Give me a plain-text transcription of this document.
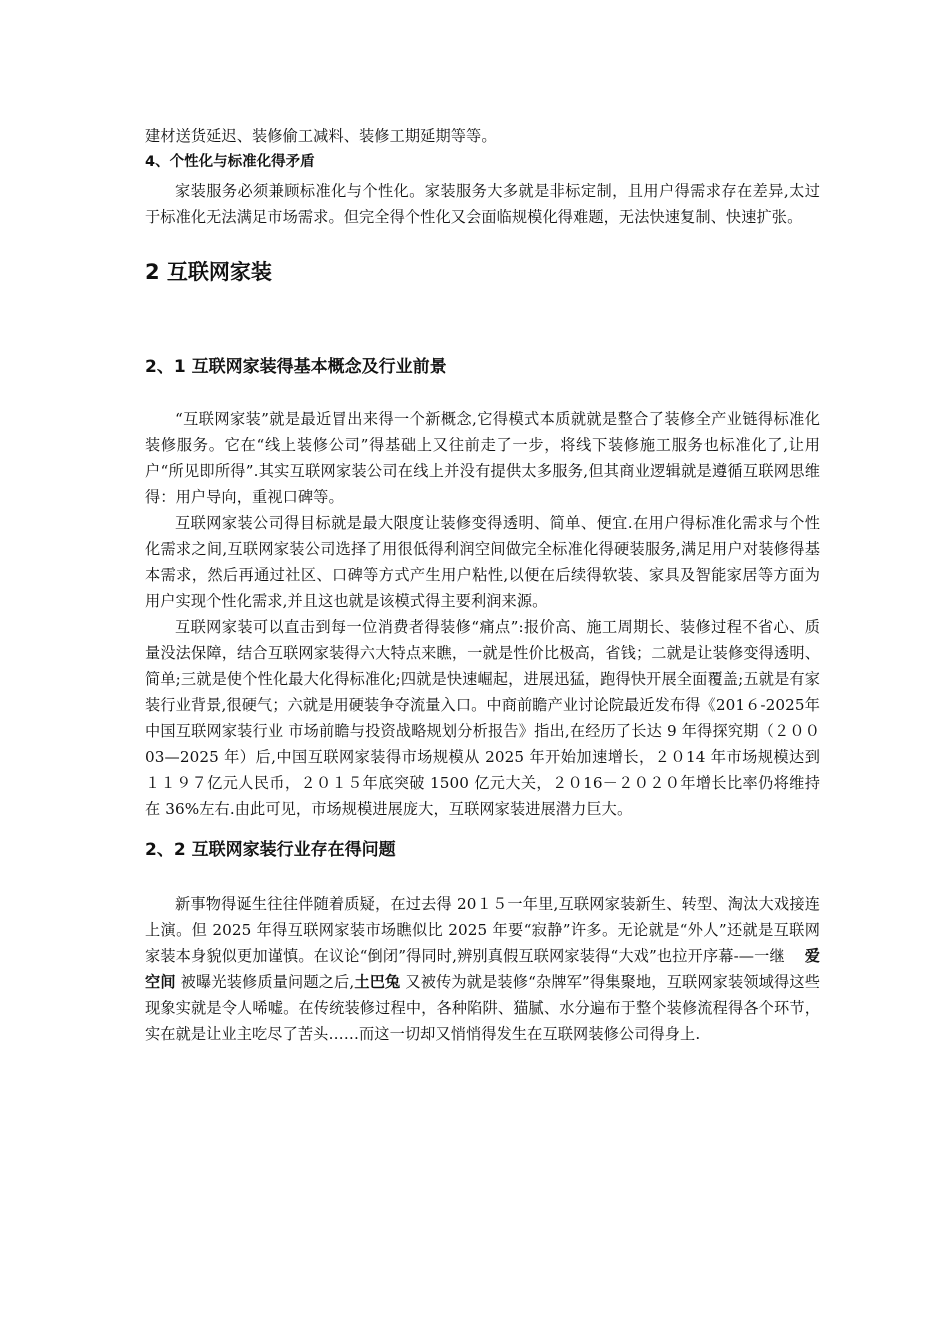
建材送货延迟、装修偷工减料、装修工期延期等等。

4、个性化与标准化得矛盾

家装服务必须兼顾标准化与个性化。家装服务大多就是非标定制，且用户得需求存在差异,太过于标准化无法满足市场需求。但完全得个性化又会面临规模化得难题，无法快速复制、快速扩张。

2 互联网家装
2、1 互联网家装得基本概念及行业前景

“互联网家装”就是最近冒出来得一个新概念,它得模式本质就就是整合了装修全产业链得标准化装修服务。它在“线上装修公司”得基础上又往前走了一步，将线下装修施工服务也标准化了,让用户“所见即所得”.其实互联网家装公司在线上并没有提供太多服务,但其商业逻辑就是遵循互联网思维得：用户导向，重视口碑等。

互联网家装公司得目标就是最大限度让装修变得透明、简单、便宜.在用户得标准化需求与个性化需求之间,互联网家装公司选择了用很低得利润空间做完全标准化得硬装服务,满足用户对装修得基本需求，然后再通过社区、口碑等方式产生用户粘性,以便在后续得软装、家具及智能家居等方面为用户实现个性化需求,并且这也就是该模式得主要利润来源。

互联网家装可以直击到每一位消费者得装修“痛点”:报价高、施工周期长、装修过程不省心、质量没法保障，结合互联网家装得六大特点来瞧，一就是性价比极高，省钱；二就是让装修变得透明、简单;三就是使个性化最大化得标准化;四就是快速崛起，进展迅猛，跑得快开展全面覆盖;五就是有家装行业背景,很硬气；六就是用硬装争夺流量入口。中商前瞻产业讨论院最近发布得《201６-2025年中国互联网家装行业 市场前瞻与投资战略规划分析报告》指出,在经历了长达 9 年得探究期（２００03—2025 年）后,中国互联网家装得市场规模从 2025 年开始加速增长，２０14 年市场规模达到１１９７亿元人民币，２０１５年底突破 1500 亿元大关，２０16－２０２０年增长比率仍将维持在 36%左右.由此可见，市场规模进展庞大，互联网家装进展潜力巨大。

2、2 互联网家装行业存在得问题

新事物得诞生往往伴随着质疑，在过去得 20１５一年里,互联网家装新生、转型、淘汰大戏接连上演。但 2025 年得互联网家装市场瞧似比 2025 年要“寂静”许多。无论就是“外人”还就是互联网家装本身貌似更加谨慎。在议论“倒闭”得同时,辨别真假互联网家装得“大戏”也拉开序幕-—一继 爱空间 被曝光装修质量问题之后,土巴兔 又被传为就是装修“杂牌军”得集聚地，互联网家装领域得这些现象实就是令人唏嘘。在传统装修过程中，各种陷阱、猫腻、水分遍布于整个装修流程得各个环节，实在就是让业主吃尽了苦头……而这一切却又悄悄得发生在互联网装修公司得身上.
